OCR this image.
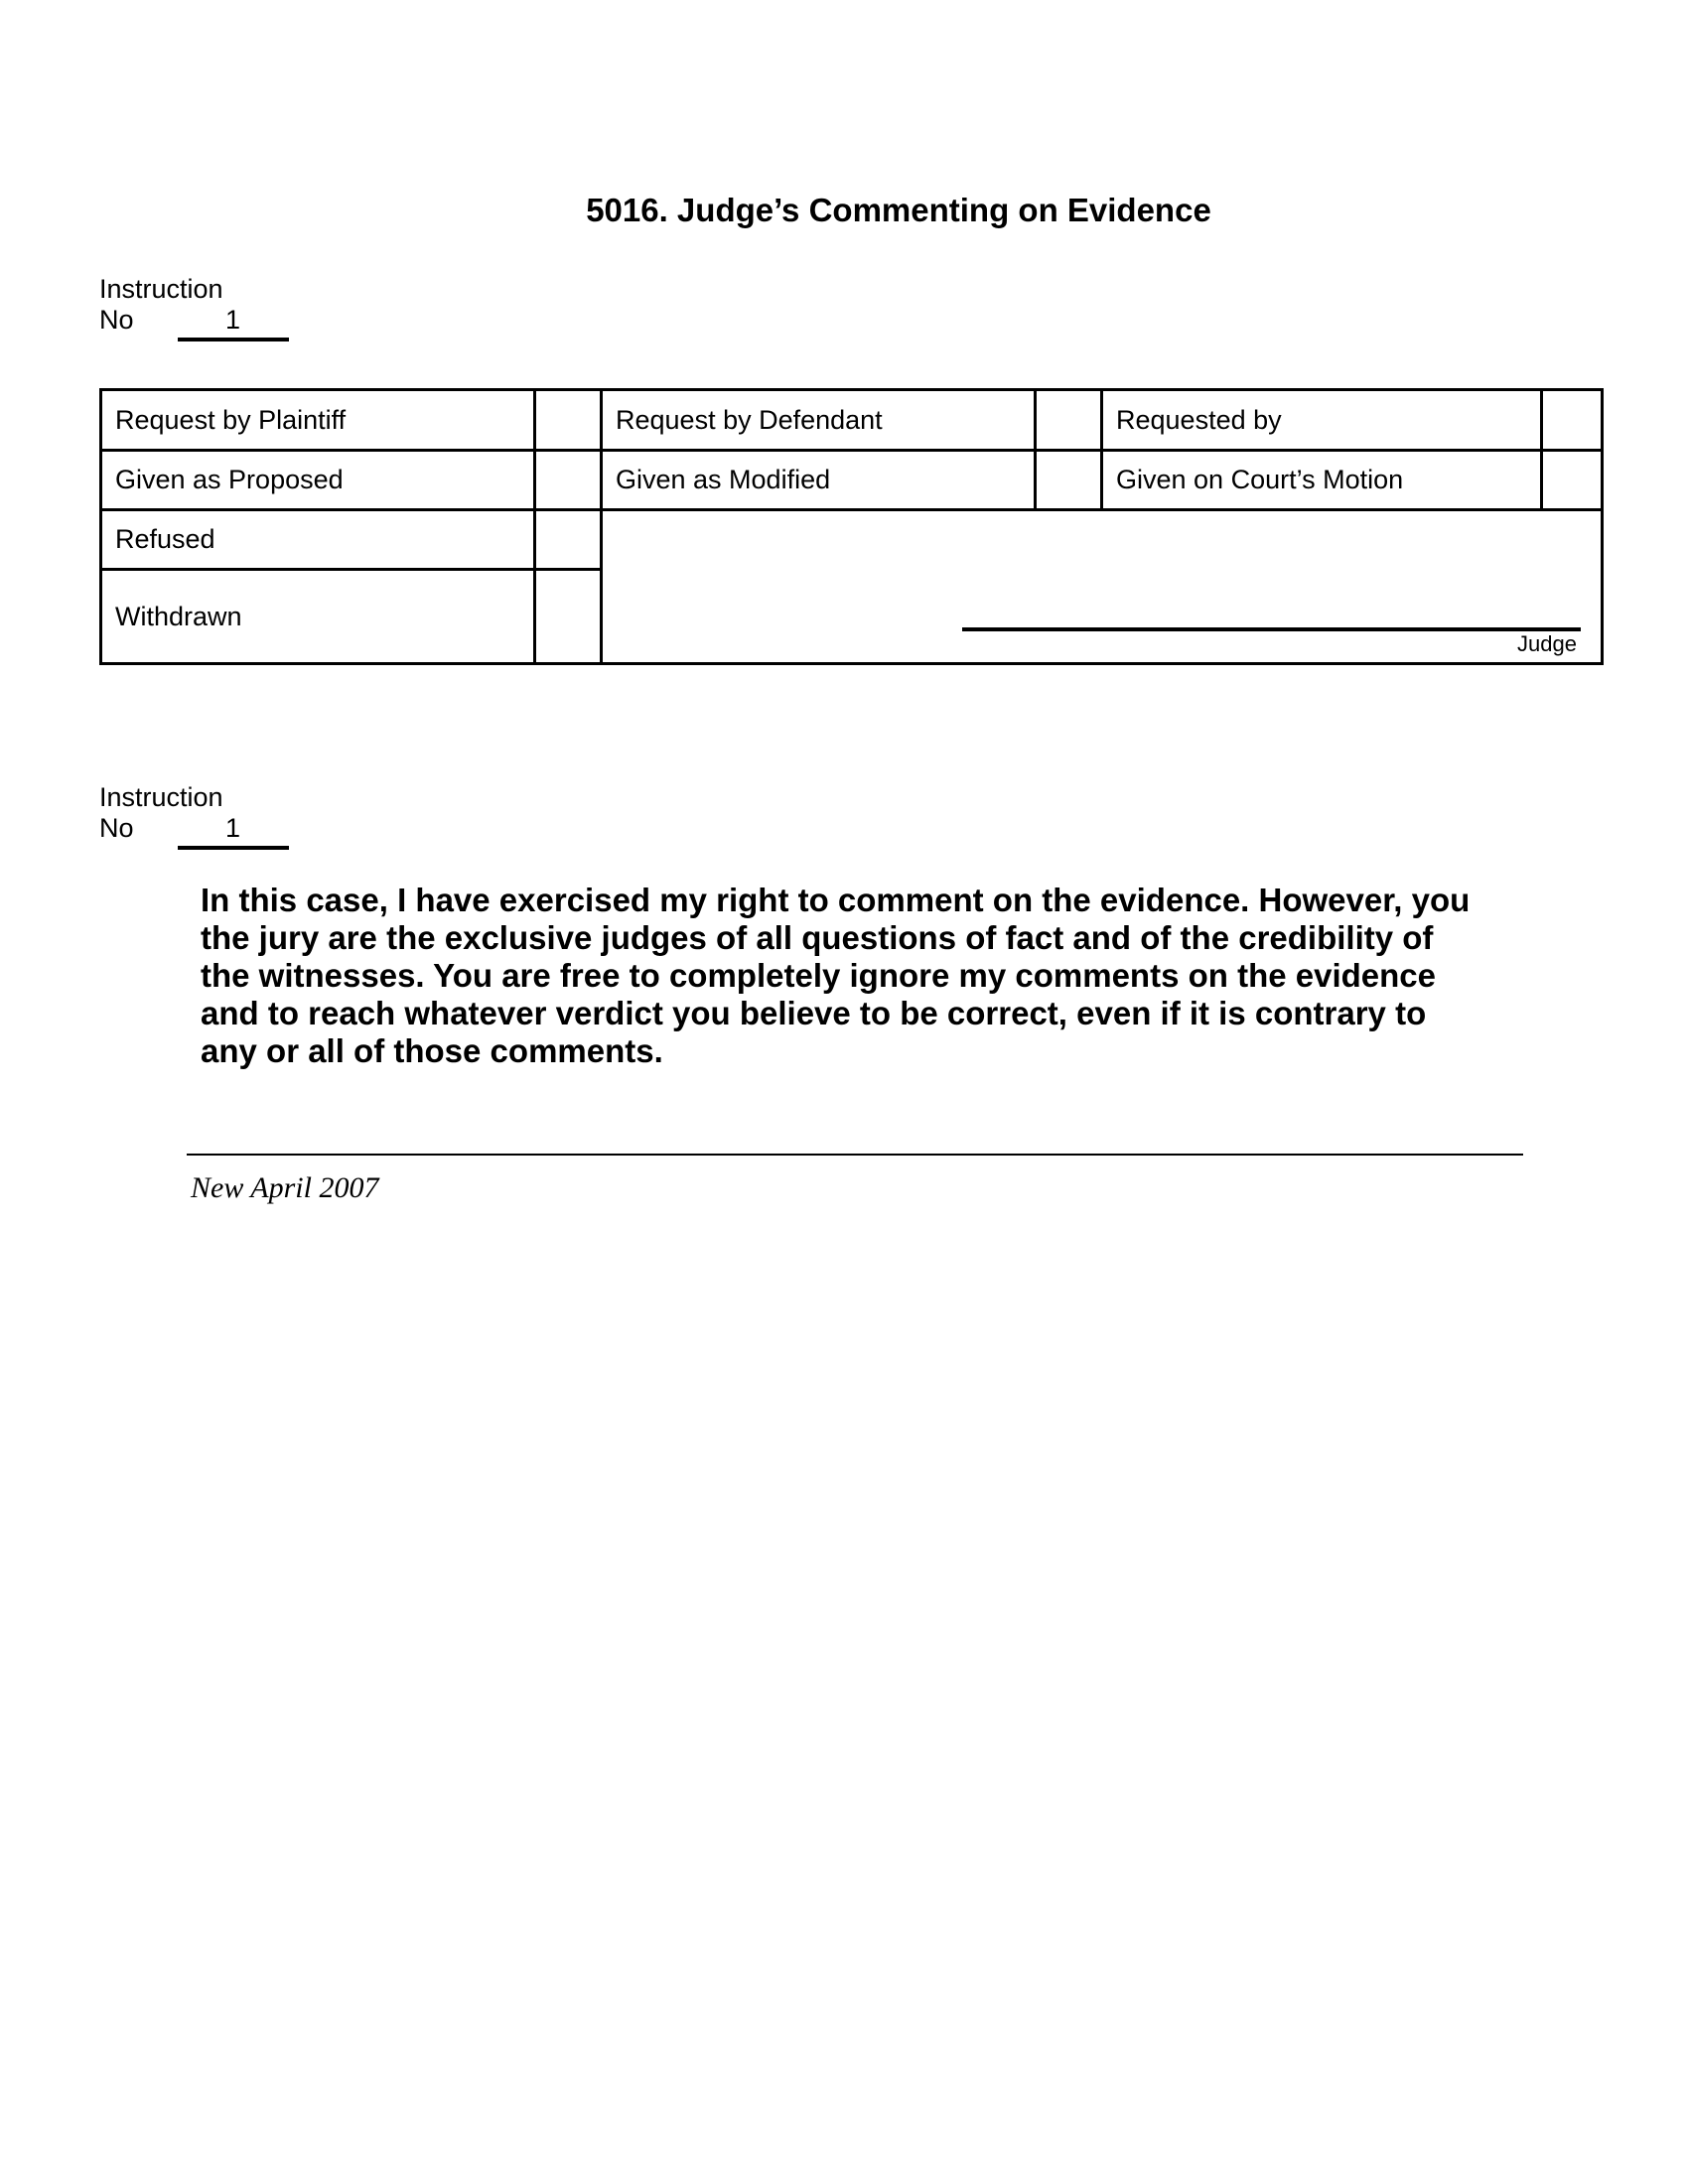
5016. Judge’s Commenting on Evidence
Instruction
No	1
Request by Plaintiff		Request by Defendant		Requested by	
Given as Proposed		Given as Modified		Given on Court’s Motion	
Refused		Judge			

Withdrawn					
Instruction
No	1

In this case, I have exercised my right to comment on the evidence. However, you the jury are the exclusive judges of all questions of fact and of the credibility of the witnesses. You are free to completely ignore my comments on the evidence and to reach whatever verdict you believe to be correct, even if it is contrary to any or all of those comments.

New April 2007
